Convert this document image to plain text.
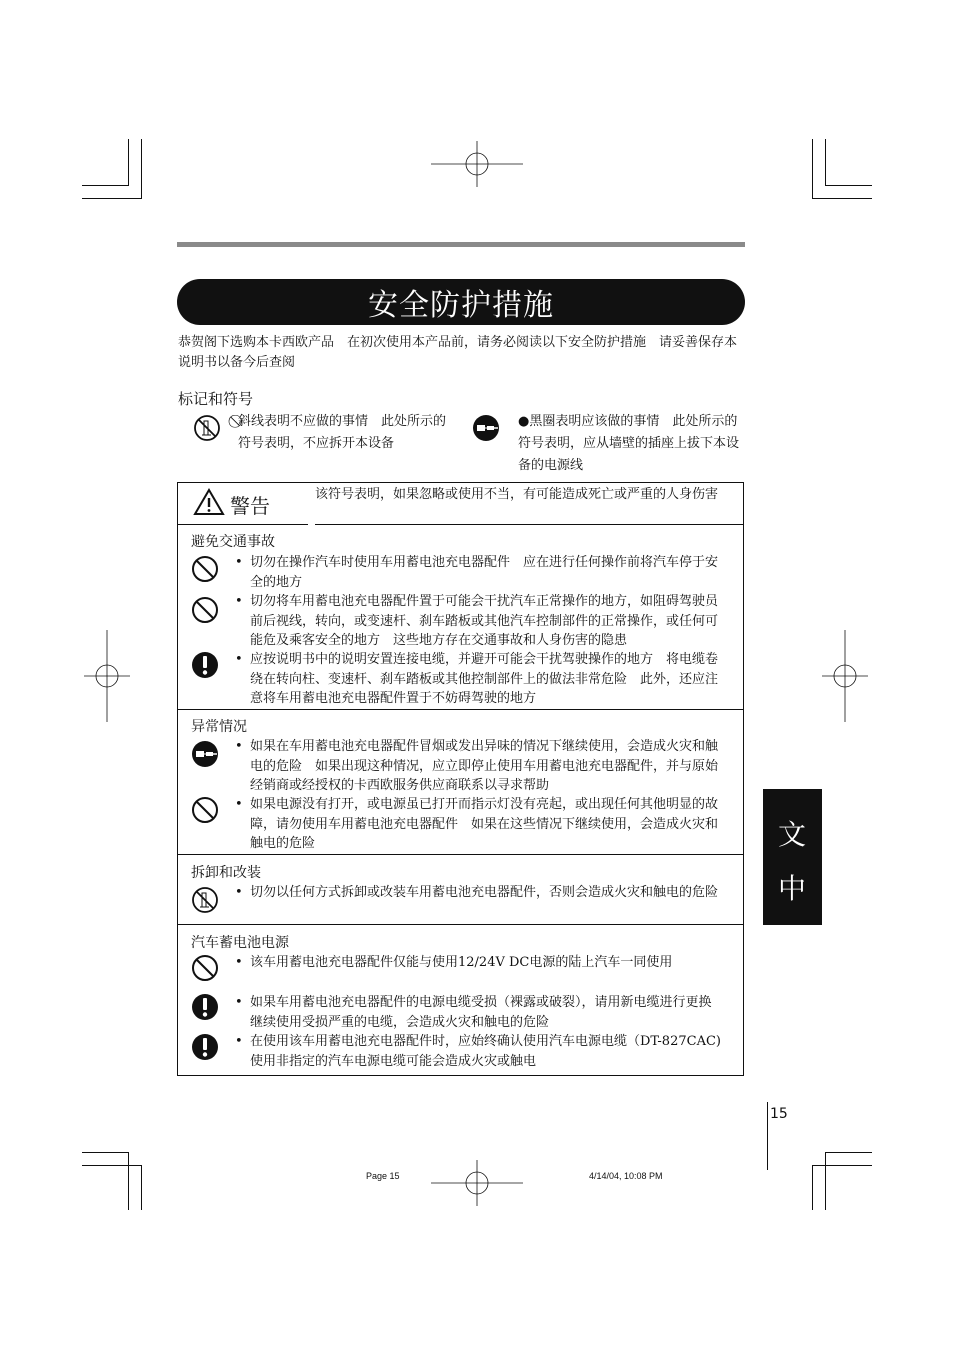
安全防护措施
恭贺阁下选购本卡西欧产品　在初次使用本产品前，请务必阅读以下安全防护措施　请妥善保存本说明书以备今后查阅
标记和符号
⃠斜线表明不应做的事情　此处所示的符号表明，不应拆开本设备
●黑圈表明应该做的事情　此处所示的符号表明，应从墙壁的插座上拔下本设备的电源线
警告	该符号表明，如果忽略或使用不当，有可能造成死亡或严重的人身伤害
避免交通事故
• 切勿在操作汽车时使用车用蓄电池充电器配件　应在进行任何操作前将汽车停于安全的地方
• 切勿将车用蓄电池充电器配件置于可能会干扰汽车正常操作的地方，如阻碍驾驶员前后视线，转向，或变速杆、刹车踏板或其他汽车控制部件的正常操作，或任何可能危及乘客安全的地方　这些地方存在交通事故和人身伤害的隐患
• 应按说明书中的说明安置连接电缆，并避开可能会干扰驾驶操作的地方　将电缆卷绕在转向柱、变速杆、刹车踏板或其他控制部件上的做法非常危险　此外，还应注意将车用蓄电池充电器配件置于不妨碍驾驶的地方
异常情况
• 如果在车用蓄电池充电器配件冒烟或发出异味的情况下继续使用，会造成火灾和触电的危险　如果出现这种情况，应立即停止使用车用蓄电池充电器配件，并与原始经销商或经授权的卡西欧服务供应商联系以寻求帮助
• 如果电源没有打开，或电源虽已打开而指示灯没有亮起，或出现任何其他明显的故障，请勿使用车用蓄电池充电器配件　如果在这些情况下继续使用，会造成火灾和触电的危险
拆卸和改装
• 切勿以任何方式拆卸或改装车用蓄电池充电器配件，否则会造成火灾和触电的危险
汽车蓄电池电源
• 该车用蓄电池充电器配件仅能与使用12/24V DC电源的陆上汽车一同使用
• 如果车用蓄电池充电器配件的电源电缆受损（裸露或破裂），请用新电缆进行更换　继续使用受损严重的电缆，会造成火灾和触电的危险
• 在使用该车用蓄电池充电器配件时，应始终确认使用汽车电源电缆（DT-827CAC)　使用非指定的汽车电源电缆可能会造成火灾或触电
文
中
15
Page 15	4/14/04, 10:08 PM
